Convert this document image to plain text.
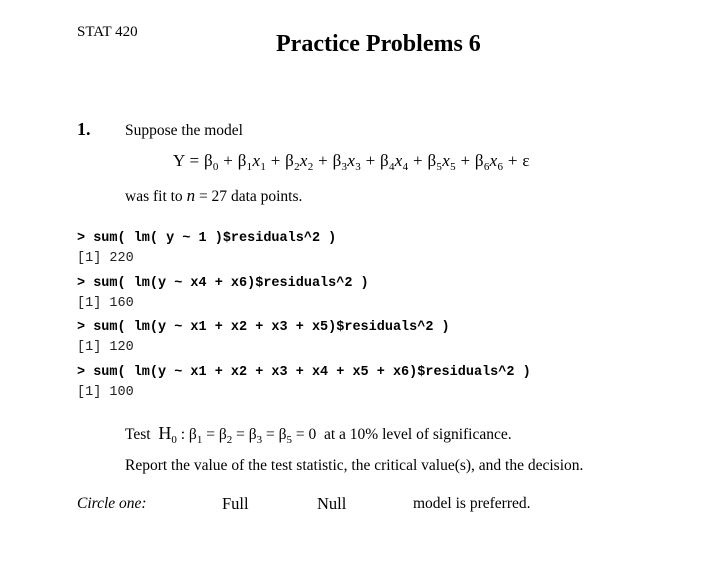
STAT 420	Practice Problems 6
1. Suppose the model
$Y = \beta_0 + \beta_1x_1 + \beta_2x_2 + \beta_3x_3 + \beta_4x_4 + \beta_5x_5 + \beta_6x_6 + \varepsilon$
was fit to n = 27 data points.
> sum( lm( y ~ 1 )$residuals^2 )
[1] 220
> sum( lm(y ~ x4 + x6)$residuals^2 )
[1] 160
> sum( lm(y ~ x1 + x2 + x3 + x5)$residuals^2 )
[1] 120
> sum( lm(y ~ x1 + x2 + x3 + x4 + x5 + x6)$residuals^2 )
[1] 100
Test $H_0$ : $\beta_1 = \beta_2 = \beta_3 = \beta_5 = 0$ at a 10% level of significance.
Report the value of the test statistic, the critical value(s), and the decision.
Circle one:	Full	Null	model is preferred.
